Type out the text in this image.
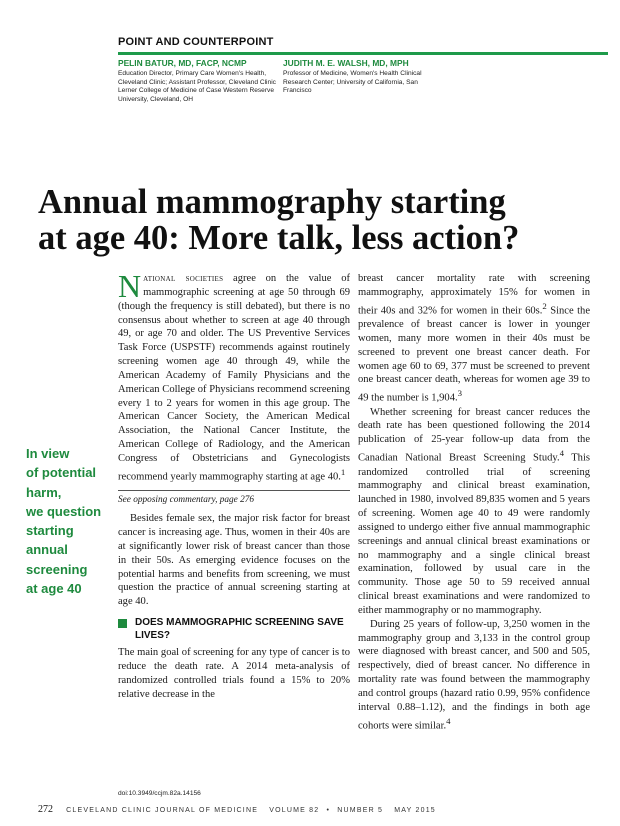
POINT AND COUNTERPOINT
PELIN BATUR, MD, FACP, NCMP
Education Director, Primary Care Women's Health, Cleveland Clinic; Assistant Professor, Cleveland Clinic Lerner College of Medicine of Case Western Reserve University, Cleveland, OH
JUDITH M. E. WALSH, MD, MPH
Professor of Medicine, Women's Health Clinical Research Center; University of California, San Francisco
Annual mammography starting
at age 40: More talk, less action?
In view
of potential
harm,
we question
starting
annual
screening
at age 40

National societies agree on the value of mammographic screening at age 50 through 69 (though the frequency is still debated), but there is no consensus about whether to screen at age 40 through 49, or age 70 and older. The US Preventive Services Task Force (USPSTF) recommends against routinely screening women age 40 through 49, while the American Academy of Family Physicians and the American College of Physicians recommend screening every 1 to 2 years for women in this age group. The American Cancer Society, the American Medical Association, the National Cancer Institute, the American College of Radiology, and the American Congress of Obstetricians and Gynecologists recommend yearly mammography starting at age 40.$^1$

See opposing commentary, page 276

Besides female sex, the major risk factor for breast cancer is increasing age. Thus, women in their 40s are at significantly lower risk of breast cancer than those in their 50s. As emerging evidence focuses on the potential harms and benefits from screening, we must question the practice of annual screening starting at age 40.

DOES MAMMOGRAPHIC SCREENING SAVE LIVES?

The main goal of screening for any type of cancer is to reduce the death rate. A 2014 meta-analysis of randomized controlled trials found a 15% to 20% relative decrease in the

breast cancer mortality rate with screening mammography, approximately 15% for women in their 40s and 32% for women in their 60s.$^2$ Since the prevalence of breast cancer is lower in younger women, many more women in their 40s must be screened to prevent one breast cancer death. For women age 60 to 69, 377 must be screened to prevent one breast cancer death, whereas for women age 39 to 49 the number is 1,904.$^3$

Whether screening for breast cancer reduces the death rate has been questioned following the 2014 publication of 25-year follow-up data from the Canadian National Breast Screening Study.$^4$ This randomized controlled trial of screening mammography and clinical breast examination, launched in 1980, involved 89,835 women and 5 years of screening. Women age 40 to 49 were randomly assigned to undergo either five annual mammographic screenings and annual clinical breast examinations or no mammography and a single clinical breast examination, followed by usual care in the community. Those age 50 to 59 received annual clinical breast examinations and were randomized to either mammography or no mammography.

During 25 years of follow-up, 3,250 women in the mammography group and 3,133 in the control group were diagnosed with breast cancer, and 500 and 505, respectively, died of breast cancer. No difference in mortality rate was found between the mammography and control groups (hazard ratio 0.99, 95% confidence interval 0.88–1.12), and the findings in both age cohorts were similar.$^4$

doi:10.3949/ccjm.82a.14156
272 CLEVELAND CLINIC JOURNAL OF MEDICINE VOLUME 82 • NUMBER 5 MAY 2015
